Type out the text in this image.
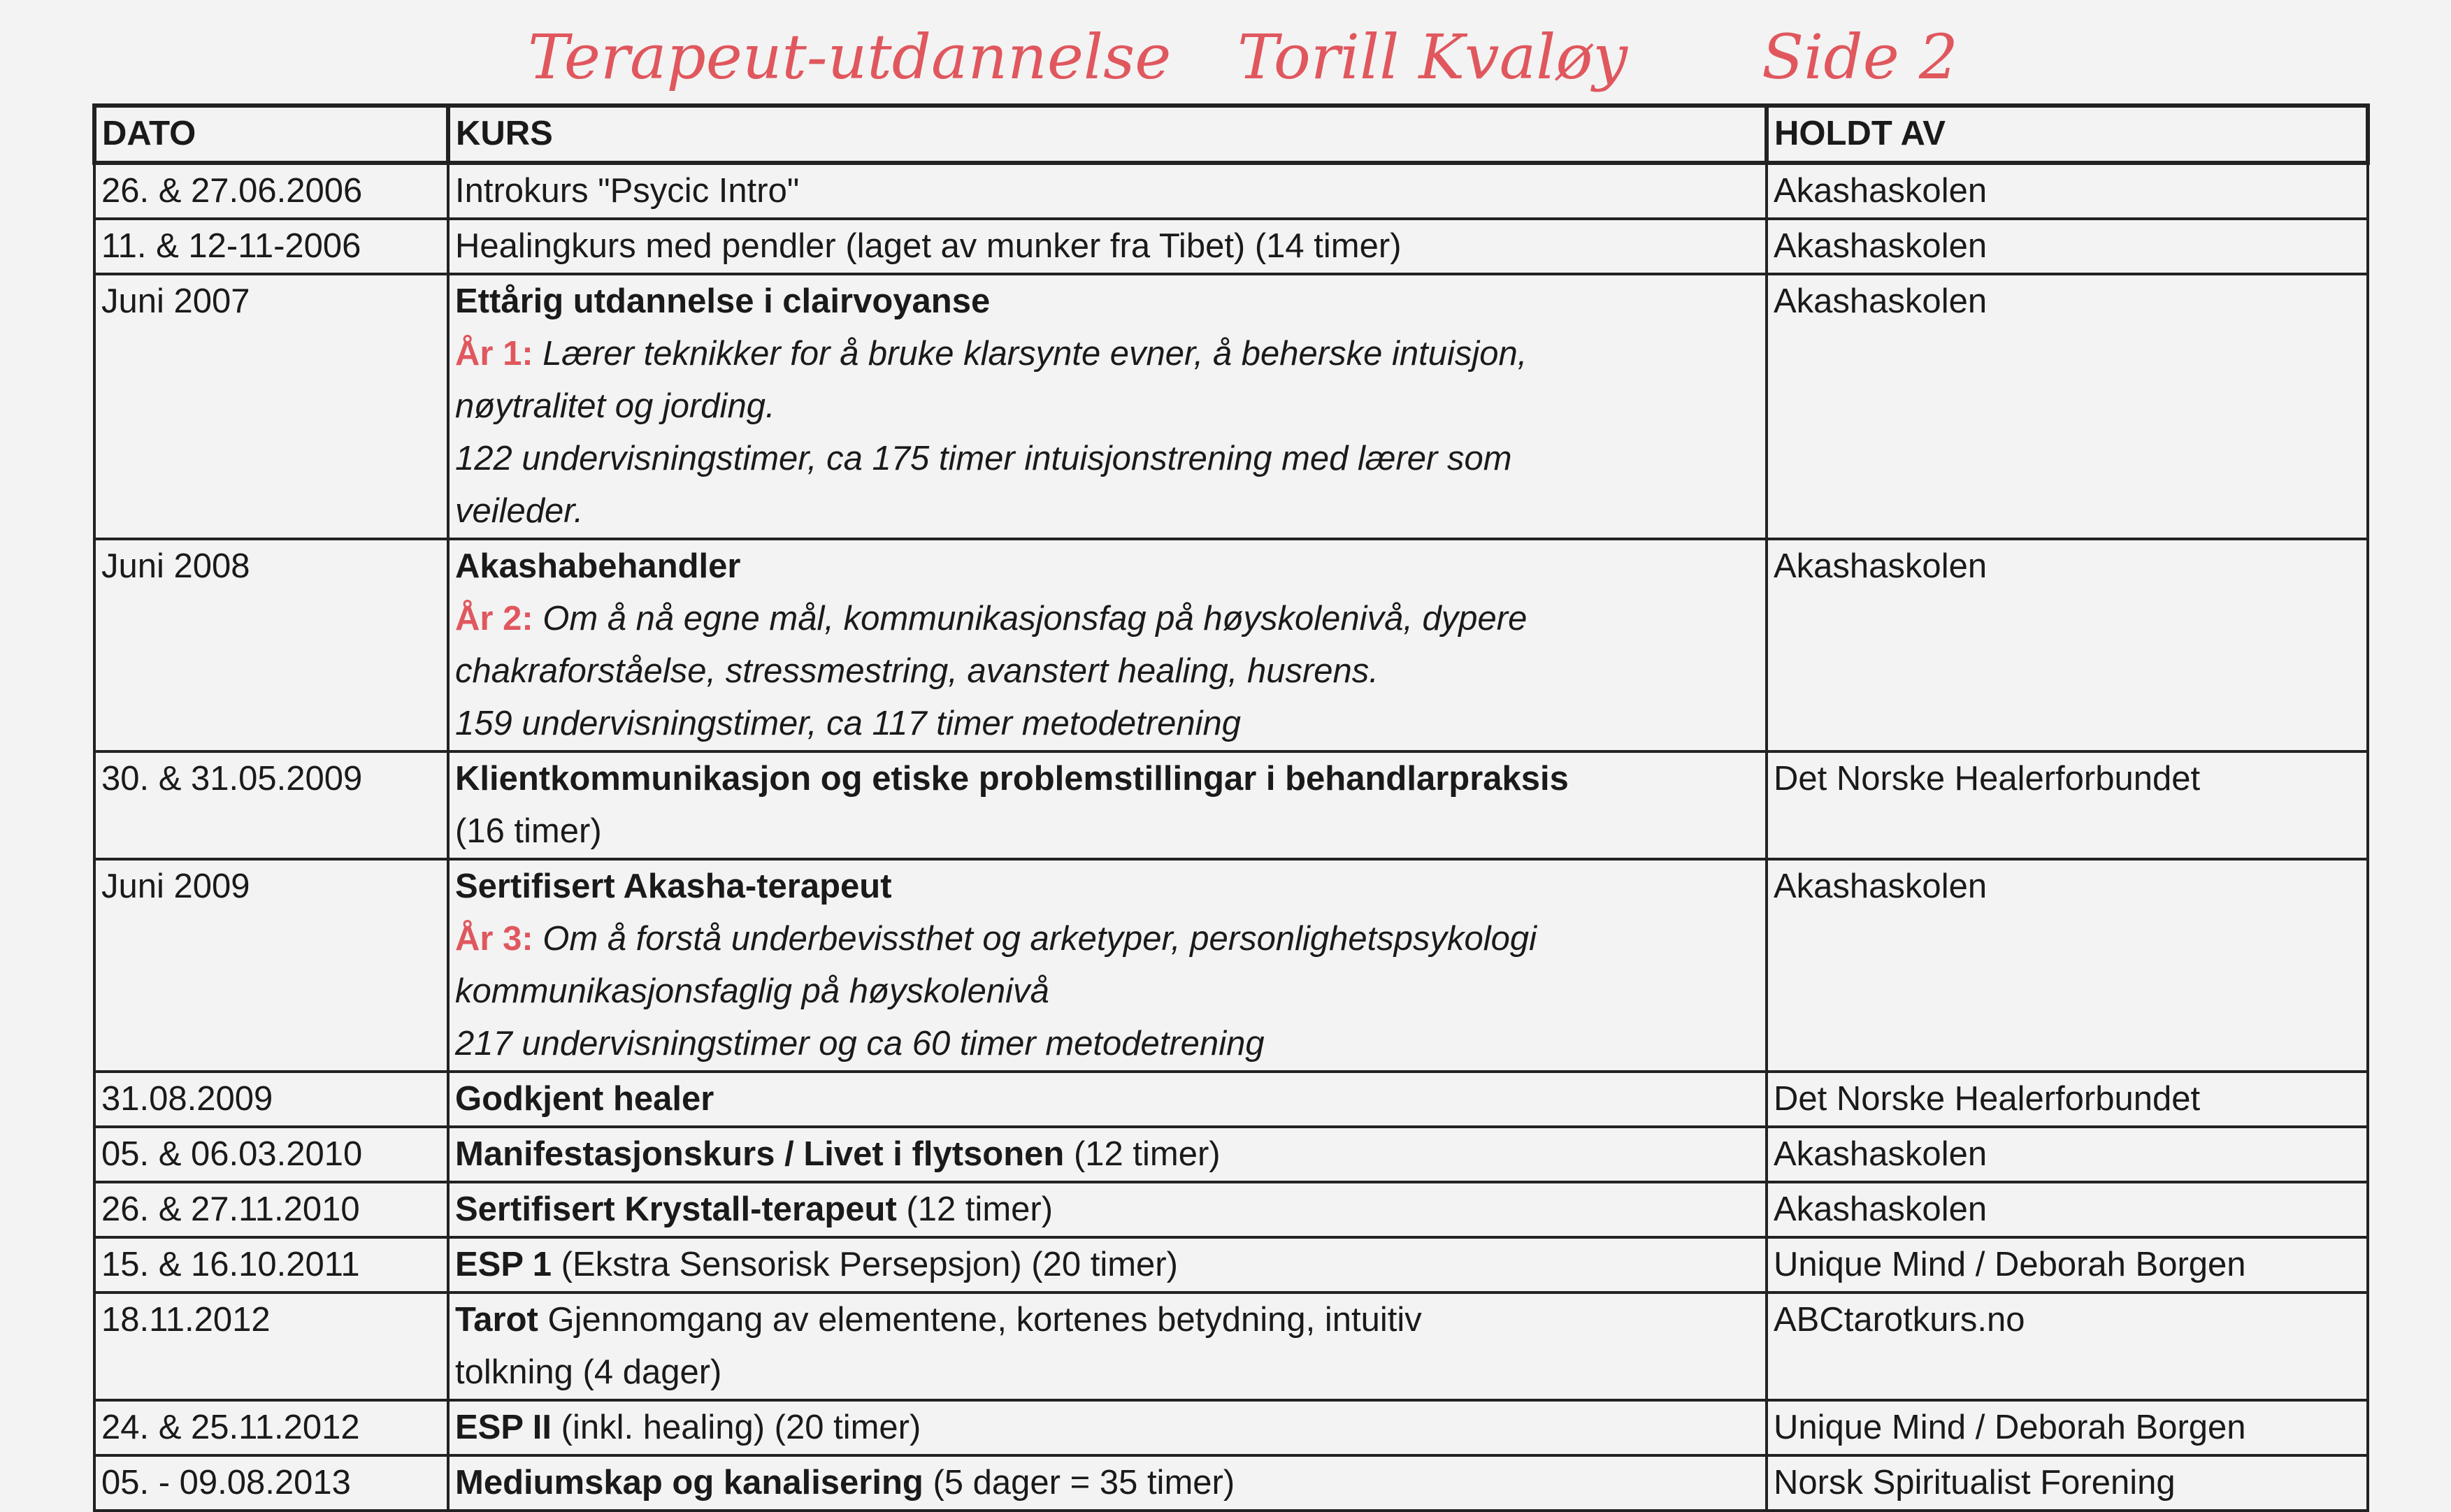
Terapeut-utdannelse Torill Kvaløy Side 2
DATO	KURS	HOLDT AV
26. & 27.06.2006	Introkurs "Psycic Intro"	Akashaskolen
11. & 12-11-2006	Healingkurs med pendler (laget av munker fra Tibet) (14 timer)	Akashaskolen
Juni 2007	Ettårig utdannelse i clairvoyanse
År 1: Lærer teknikker for å bruke klarsynte evner, å beherske intuisjon,
nøytralitet og jording.
122 undervisningstimer, ca 175 timer intuisjonstrening med lærer som
veileder.	Akashaskolen
Juni 2008	Akashabehandler
År 2: Om å nå egne mål, kommunikasjonsfag på høyskolenivå, dypere
chakraforståelse, stressmestring, avanstert healing, husrens.
159 undervisningstimer, ca 117 timer metodetrening	Akashaskolen
30. & 31.05.2009	Klientkommunikasjon og etiske problemstillingar i behandlarpraksis
(16 timer)	Det Norske Healerforbundet
Juni 2009	Sertifisert Akasha-terapeut
År 3: Om å forstå underbevissthet og arketyper, personlighetspsykologi
kommunikasjonsfaglig på høyskolenivå
217 undervisningstimer og ca 60 timer metodetrening	Akashaskolen
31.08.2009	Godkjent healer	Det Norske Healerforbundet
05. & 06.03.2010	Manifestasjonskurs / Livet i flytsonen (12 timer)	Akashaskolen
26. & 27.11.2010	Sertifisert Krystall-terapeut (12 timer)	Akashaskolen
15. & 16.10.2011	ESP 1 (Ekstra Sensorisk Persepsjon) (20 timer)	Unique Mind / Deborah Borgen
18.11.2012	Tarot Gjennomgang av elementene, kortenes betydning, intuitiv
tolkning (4 dager)	ABCtarotkurs.no
24. & 25.11.2012	ESP II (inkl. healing) (20 timer)	Unique Mind / Deborah Borgen
05. - 09.08.2013	Mediumskap og kanalisering (5 dager = 35 timer)	Norsk Spiritualist Forening
